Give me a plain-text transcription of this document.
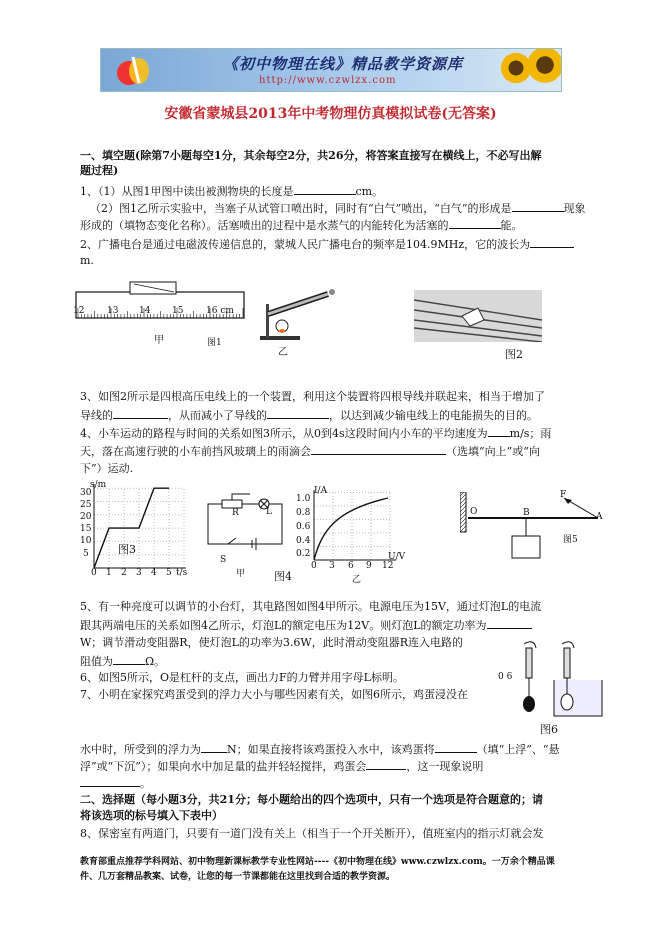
《初中物理在线》精品教学资源库
http://www.czwlzx.com
安徽省蒙城县2013年中考物理仿真模拟试卷(无答案)
一、填空题(除第7小题每空1分，其余每空2分，共26分，将答案直接写在横线上，不必写出解
题过程)
1、（1）从图1甲图中读出被测物块的长度是	cm。
（2）图1乙所示实验中，当塞子从试管口喷出时，同时有“白气”喷出，“白气”的形成是	现象
形成的（填物态变化名称）。活塞喷出的过程中是水蒸气的内能转化为活塞的	能。
2、广播电台是通过电磁波传递信息的，蒙城人民广播电台的频率是104.9MHz，它的波长为
m.
12	13 14 15	16 cm
甲	图1
乙	图2
3、如图2所示是四根高压电线上的一个装置，利用这个装置将四根导线并联起来，相当于增加了
导线的	，从而减小了导线的	，以达到减少输电线上的电能损失的目的。
4、小车运动的路程与时间的关系如图3所示，从0到4s这段时间内小车的平均速度为 m/s；雨
天，落在高速行驶的小车前挡风玻璃上的雨滴会	（选填“向上”或“向
下”）运动.
s/m
30
25
20
15
10
5
0 1 2 3 4 5 t/s
图3
R	L
S
甲	图4
I/A
1.0
0.8
0.6
0.4
0.2
0 3 6 9 12
U/V
乙
O	B	A
F
图5
5、有一种亮度可以调节的小台灯，其电路图如图4甲所示。电源电压为15V，通过灯泡L的电流
跟其两端电压的关系如图4乙所示，灯泡L的额定电压为12V。则灯泡L的额定功率为
W；调节滑动变阻器R，使灯泡L的功率为3.6W，此时滑动变阻器R连入电路的
阻值为	Ω。
6、如图5所示，O是杠杆的支点，画出力F的力臂并用字母L标明。
7、小明在家探究鸡蛋受到的浮力大小与哪些因素有关，如图6所示，鸡蛋浸没在
0 6
图6
水中时，所受到的浮力为 N；如果直接将该鸡蛋投入水中，该鸡蛋将	（填“上浮”、“悬
浮”或“下沉”）；如果向水中加足量的盐并轻轻搅拌，鸡蛋会	，这一现象说明
。
二、选择题（每小题3分，共21分；每小题给出的四个选项中，只有一个选项是符合题意的；请
将该选项的标号填入下表中）
8、保密室有两道门，只要有一道门没有关上（相当于一个开关断开），值班室内的指示灯就会发
教育部重点推荐学科网站、初中物理新课标教学专业性网站----《初中物理在线》www.czwlzx.com。一万余个精品课
件、几万套精品教案、试卷，让您的每一节课都能在这里找到合适的教学资源。
